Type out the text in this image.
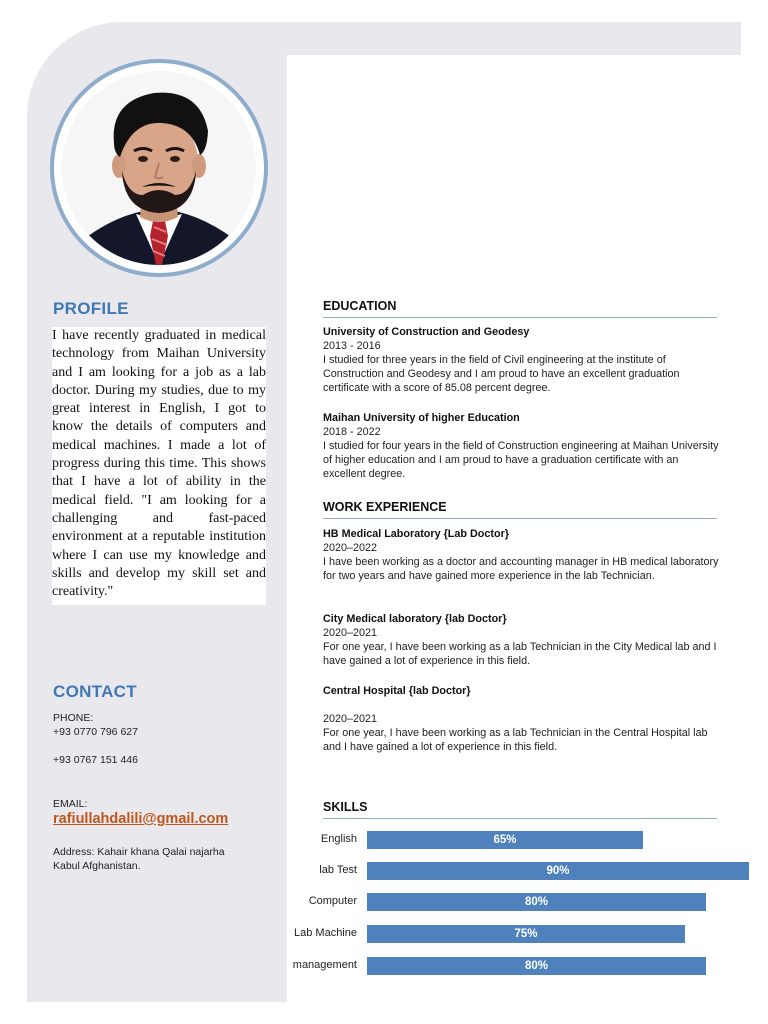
PROFILE
I have recently graduated in medical technology from Maihan University and I am looking for a job as a lab doctor. During my studies, due to my great interest in English, I got to know the details of computers and medical machines. I made a lot of progress during this time. This shows that I have a lot of ability in the medical field. "I am looking for a challenging and fast-paced environment at a reputable institution where I can use my knowledge and skills and develop my skill set and creativity."
CONTACT
PHONE:
+93 0770 796 627
+93 0767 151 446
EMAIL:
rafiullahdalili@gmail.com
Address: Kahair khana Qalai najarha
Kabul Afghanistan.
EDUCATION
University of Construction and Geodesy
2013 - 2016
I studied for three years in the field of Civil engineering at the institute of Construction and Geodesy and I am proud to have an excellent graduation certificate with a score of 85.08 percent degree.
Maihan University of higher Education
2018 - 2022
I studied for four years in the field of Construction engineering at Maihan University of higher education and I am proud to have a graduation certificate with an excellent degree.
WORK EXPERIENCE
HB Medical Laboratory {Lab Doctor}
2020–2022
I have been working as a doctor and accounting manager in HB medical laboratory for two years and have gained more experience in the lab Technician.
City Medical laboratory {lab Doctor}
2020–2021
For one year, I have been working as a lab Technician in the City Medical lab and I have gained a lot of experience in this field.
Central Hospital {lab Doctor}
2020–2021
For one year, I have been working as a lab Technician in the Central Hospital lab and I have gained a lot of experience in this field.
SKILLS
English	65%
lab Test	90%
Computer	80%
Lab Machine	75%
management	80%
